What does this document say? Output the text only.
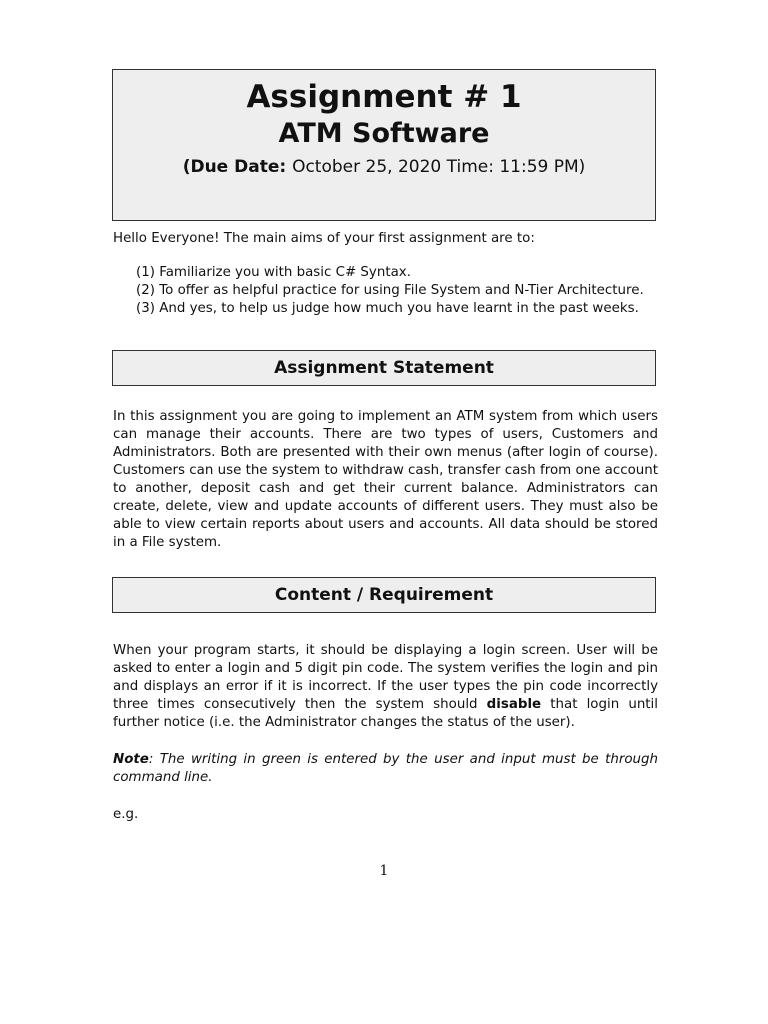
Assignment # 1
ATM Software
(Due Date: October 25, 2020 Time: 11:59 PM)
Hello Everyone! The main aims of your first assignment are to:
(1) Familiarize you with basic C# Syntax.
(2) To offer as helpful practice for using File System and N-Tier Architecture.
(3) And yes, to help us judge how much you have learnt in the past weeks.
Assignment Statement
In this assignment you are going to implement an ATM system from which users can manage their accounts. There are two types of users, Customers and Administrators. Both are presented with their own menus (after login of course). Customers can use the system to withdraw cash, transfer cash from one account to another, deposit cash and get their current balance. Administrators can create, delete, view and update accounts of different users. They must also be able to view certain reports about users and accounts. All data should be stored in a File system.
Content / Requirement
When your program starts, it should be displaying a login screen. User will be asked to enter a login and 5 digit pin code. The system verifies the login and pin and displays an error if it is incorrect. If the user types the pin code incorrectly three times consecutively then the system should disable that login until further notice (i.e. the Administrator changes the status of the user).
Note: The writing in green is entered by the user and input must be through command line.
e.g.
1
